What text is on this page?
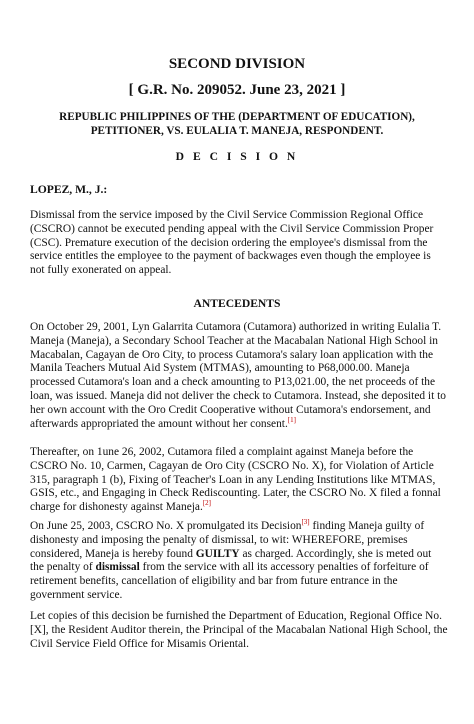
SECOND DIVISION
[ G.R. No. 209052. June 23, 2021 ]
REPUBLIC PHILIPPINES OF THE (DEPARTMENT OF EDUCATION),
PETITIONER, VS. EULALIA T. MANEJA, RESPONDENT.
D E C I S I O N
LOPEZ, M., J.:

Dismissal from the service imposed by the Civil Service Commission Regional Office (CSCRO) cannot be executed pending appeal with the Civil Service Commission Proper (CSC). Premature execution of the decision ordering the employee's dismissal from the service entitles the employee to the payment of backwages even though the employee is not fully exonerated on appeal.

ANTECEDENTS

On October 29, 2001, Lyn Galarrita Cutamora (Cutamora) authorized in writing Eulalia T. Maneja (Maneja), a Secondary School Teacher at the Macabalan National High School in Macabalan, Cagayan de Oro City, to process Cutamora's salary loan application with the Manila Teachers Mutual Aid System (MTMAS), amounting to P68,000.00. Maneja processed Cutamora's loan and a check amounting to P13,021.00, the net proceeds of the loan, was issued. Maneja did not deliver the check to Cutamora. Instead, she deposited it to her own account with the Oro Credit Cooperative without Cutamora's endorsement, and afterwards appropriated the amount without her consent.[1]

Thereafter, on 1une 26, 2002, Cutamora filed a complaint against Maneja before the CSCRO No. 10, Carmen, Cagayan de Oro City (CSCRO No. X), for Violation of Article 315, paragraph 1 (b), Fixing of Teacher's Loan in any Lending Institutions like MTMAS, GSIS, etc., and Engaging in Check Rediscounting. Later, the CSCRO No. X filed a fonnal charge for dishonesty against Maneja.[2]

On June 25, 2003, CSCRO No. X promulgated its Decision[3] finding Maneja guilty of dishonesty and imposing the penalty of dismissal, to wit: WHEREFORE, premises considered, Maneja is hereby found GUILTY as charged. Accordingly, she is meted out the penalty of dismissal from the service with all its accessory penalties of forfeiture of retirement benefits, cancellation of eligibility and bar from future entrance in the government service.

Let copies of this decision be furnished the Department of Education, Regional Office No. [X], the Resident Auditor therein, the Principal of the Macabalan National High School, the Civil Service Field Office for Misamis Oriental.
